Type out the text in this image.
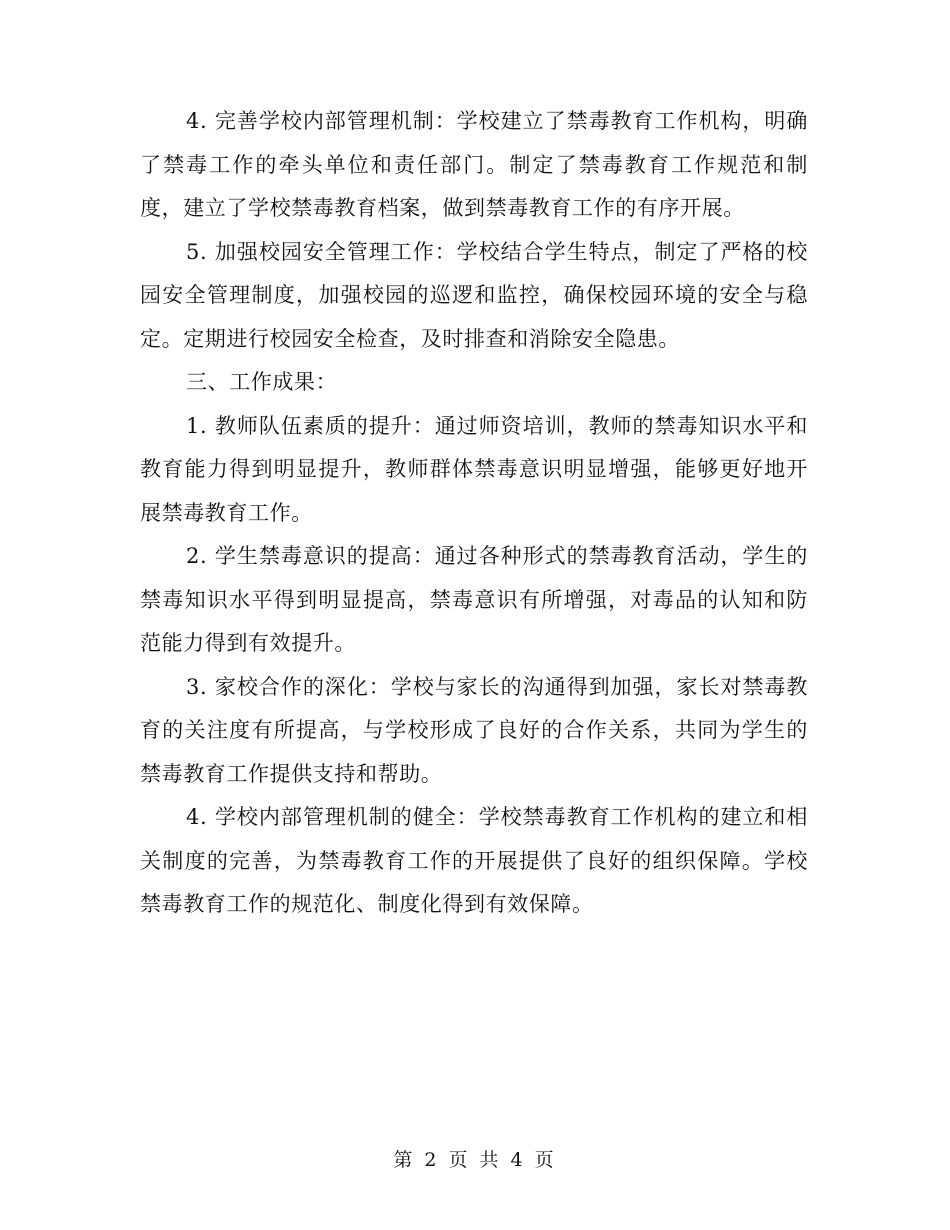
4. 完善学校内部管理机制：学校建立了禁毒教育工作机构，明确了禁毒工作的牵头单位和责任部门。制定了禁毒教育工作规范和制度，建立了学校禁毒教育档案，做到禁毒教育工作的有序开展。

5. 加强校园安全管理工作：学校结合学生特点，制定了严格的校园安全管理制度，加强校园的巡逻和监控，确保校园环境的安全与稳定。定期进行校园安全检查，及时排查和消除安全隐患。

三、工作成果：

1. 教师队伍素质的提升：通过师资培训，教师的禁毒知识水平和教育能力得到明显提升，教师群体禁毒意识明显增强，能够更好地开展禁毒教育工作。

2. 学生禁毒意识的提高：通过各种形式的禁毒教育活动，学生的禁毒知识水平得到明显提高，禁毒意识有所增强，对毒品的认知和防范能力得到有效提升。

3. 家校合作的深化：学校与家长的沟通得到加强，家长对禁毒教育的关注度有所提高，与学校形成了良好的合作关系，共同为学生的禁毒教育工作提供支持和帮助。

4. 学校内部管理机制的健全：学校禁毒教育工作机构的建立和相关制度的完善，为禁毒教育工作的开展提供了良好的组织保障。学校禁毒教育工作的规范化、制度化得到有效保障。

第 2 页 共 4 页
